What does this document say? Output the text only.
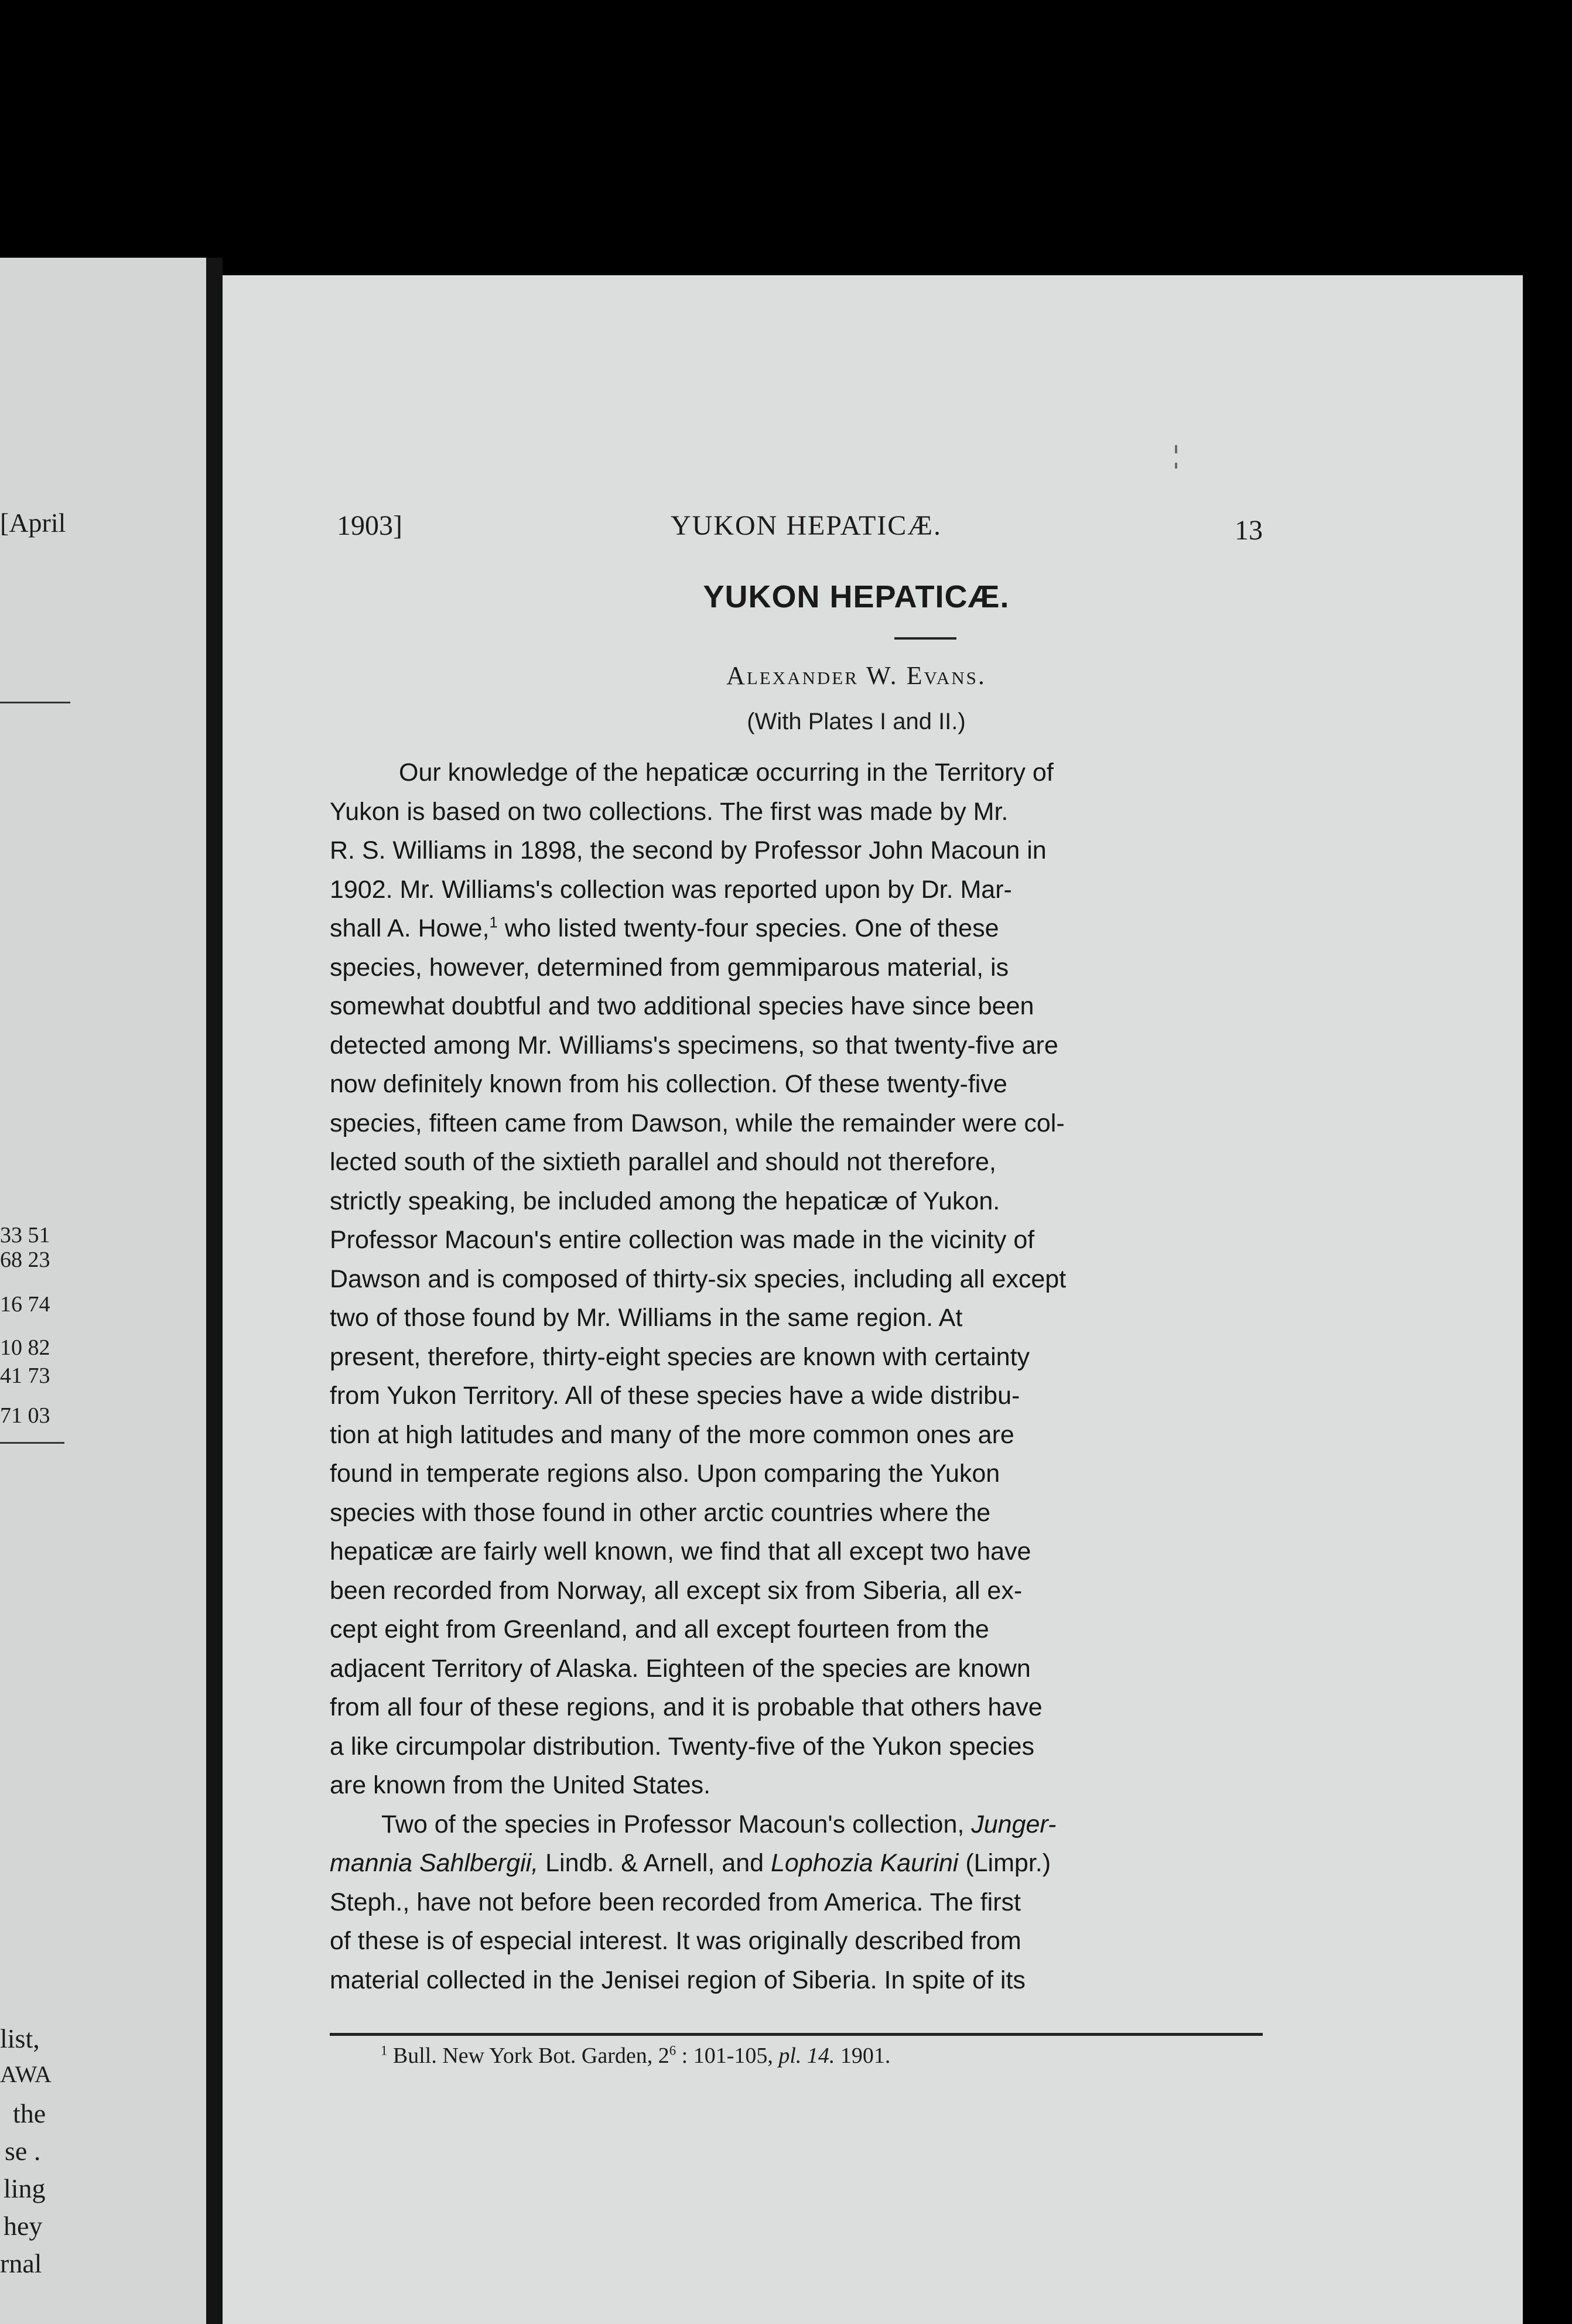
[April
33 51
68 23
16 74
10 82
41 73
71 03
list,
AWA
the
se .
ling
hey
rnal
1903]	YUKON HEPATICÆ.	13
YUKON HEPATICÆ.
Alexander W. Evans.
(With Plates I and II.)
Our knowledge of the hepaticæ occurring in the Territory of
Yukon is based on two collections. The first was made by Mr.
R. S. Williams in 1898, the second by Professor John Macoun in
1902. Mr. Williams's collection was reported upon by Dr. Mar-
shall A. Howe,$^1$ who listed twenty-four species. One of these
species, however, determined from gemmiparous material, is
somewhat doubtful and two additional species have since been
detected among Mr. Williams's specimens, so that twenty-five are
now definitely known from his collection. Of these twenty-five
species, fifteen came from Dawson, while the remainder were col-
lected south of the sixtieth parallel and should not therefore,
strictly speaking, be included among the hepaticæ of Yukon.
Professor Macoun's entire collection was made in the vicinity of
Dawson and is composed of thirty-six species, including all except
two of those found by Mr. Williams in the same region. At
present, therefore, thirty-eight species are known with certainty
from Yukon Territory. All of these species have a wide distribu-
tion at high latitudes and many of the more common ones are
found in temperate regions also. Upon comparing the Yukon
species with those found in other arctic countries where the
hepaticæ are fairly well known, we find that all except two have
been recorded from Norway, all except six from Siberia, all ex-
cept eight from Greenland, and all except fourteen from the
adjacent Territory of Alaska. Eighteen of the species are known
from all four of these regions, and it is probable that others have
a like circumpolar distribution. Twenty-five of the Yukon species
are known from the United States.
Two of the species in Professor Macoun's collection, Junger-
mannia Sahlbergii, Lindb. & Arnell, and Lophozia Kaurini (Limpr.)
Steph., have not before been recorded from America. The first
of these is of especial interest. It was originally described from
material collected in the Jenisei region of Siberia. In spite of its
$^1$ Bull. New York Bot. Garden, $2^6$ : 101-105, pl. 14. 1901.
